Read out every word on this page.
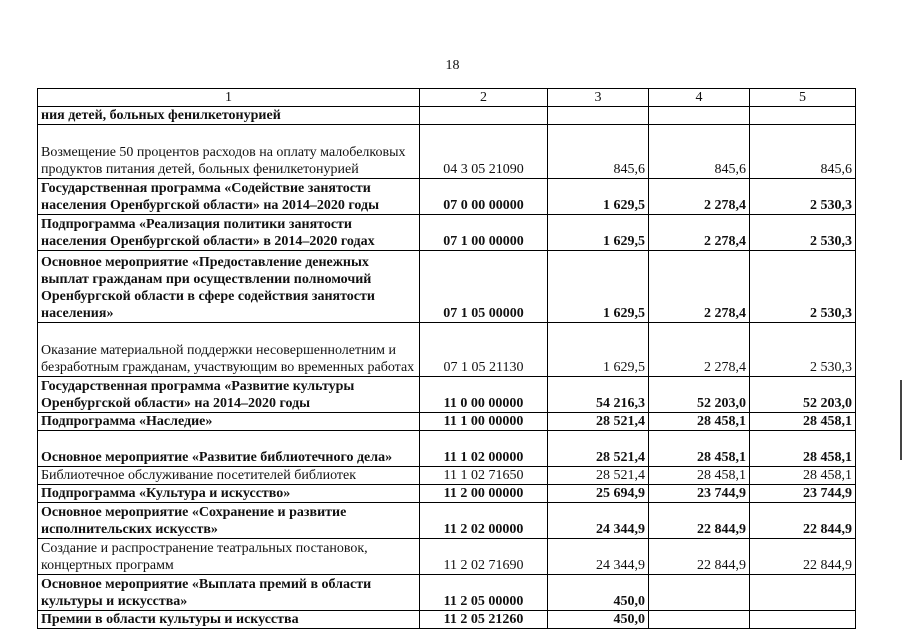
18
1	2	3	4	5
ния детей, больных фенилкетонурией				
Возмещение 50 процентов расходов на оплату малобелковых продуктов питания детей, больных фенилкетонурией	04 3 05 21090	845,6	845,6	845,6
Государственная программа «Содействие занятости населения Оренбургской области» на 2014–2020 годы	07 0 00 00000	1 629,5	2 278,4	2 530,3
Подпрограмма «Реализация политики занятости населения Оренбургской области» в 2014–2020 годах	07 1 00 00000	1 629,5	2 278,4	2 530,3
Основное мероприятие «Предоставление денежных выплат гражданам при осуществлении полномочий Оренбургской области в сфере содействия занятости населения»	07 1 05 00000	1 629,5	2 278,4	2 530,3
Оказание материальной поддержки несовершеннолетним и безработным гражданам, участвующим во временных работах	07 1 05 21130	1 629,5	2 278,4	2 530,3
Государственная программа «Развитие культуры Оренбургской области» на 2014–2020 годы	11 0 00 00000	54 216,3	52 203,0	52 203,0
Подпрограмма «Наследие»	11 1 00 00000	28 521,4	28 458,1	28 458,1
Основное мероприятие «Развитие библиотечного дела»	11 1 02 00000	28 521,4	28 458,1	28 458,1
Библиотечное обслуживание посетителей библиотек	11 1 02 71650	28 521,4	28 458,1	28 458,1
Подпрограмма «Культура и искусство»	11 2 00 00000	25 694,9	23 744,9	23 744,9
Основное мероприятие «Сохранение и развитие исполнительских искусств»	11 2 02 00000	24 344,9	22 844,9	22 844,9
Создание и распространение театральных постановок, концертных программ	11 2 02 71690	24 344,9	22 844,9	22 844,9
Основное мероприятие «Выплата премий в области культуры и искусства»	11 2 05 00000	450,0		
Премии в области культуры и искусства	11 2 05 21260	450,0		
